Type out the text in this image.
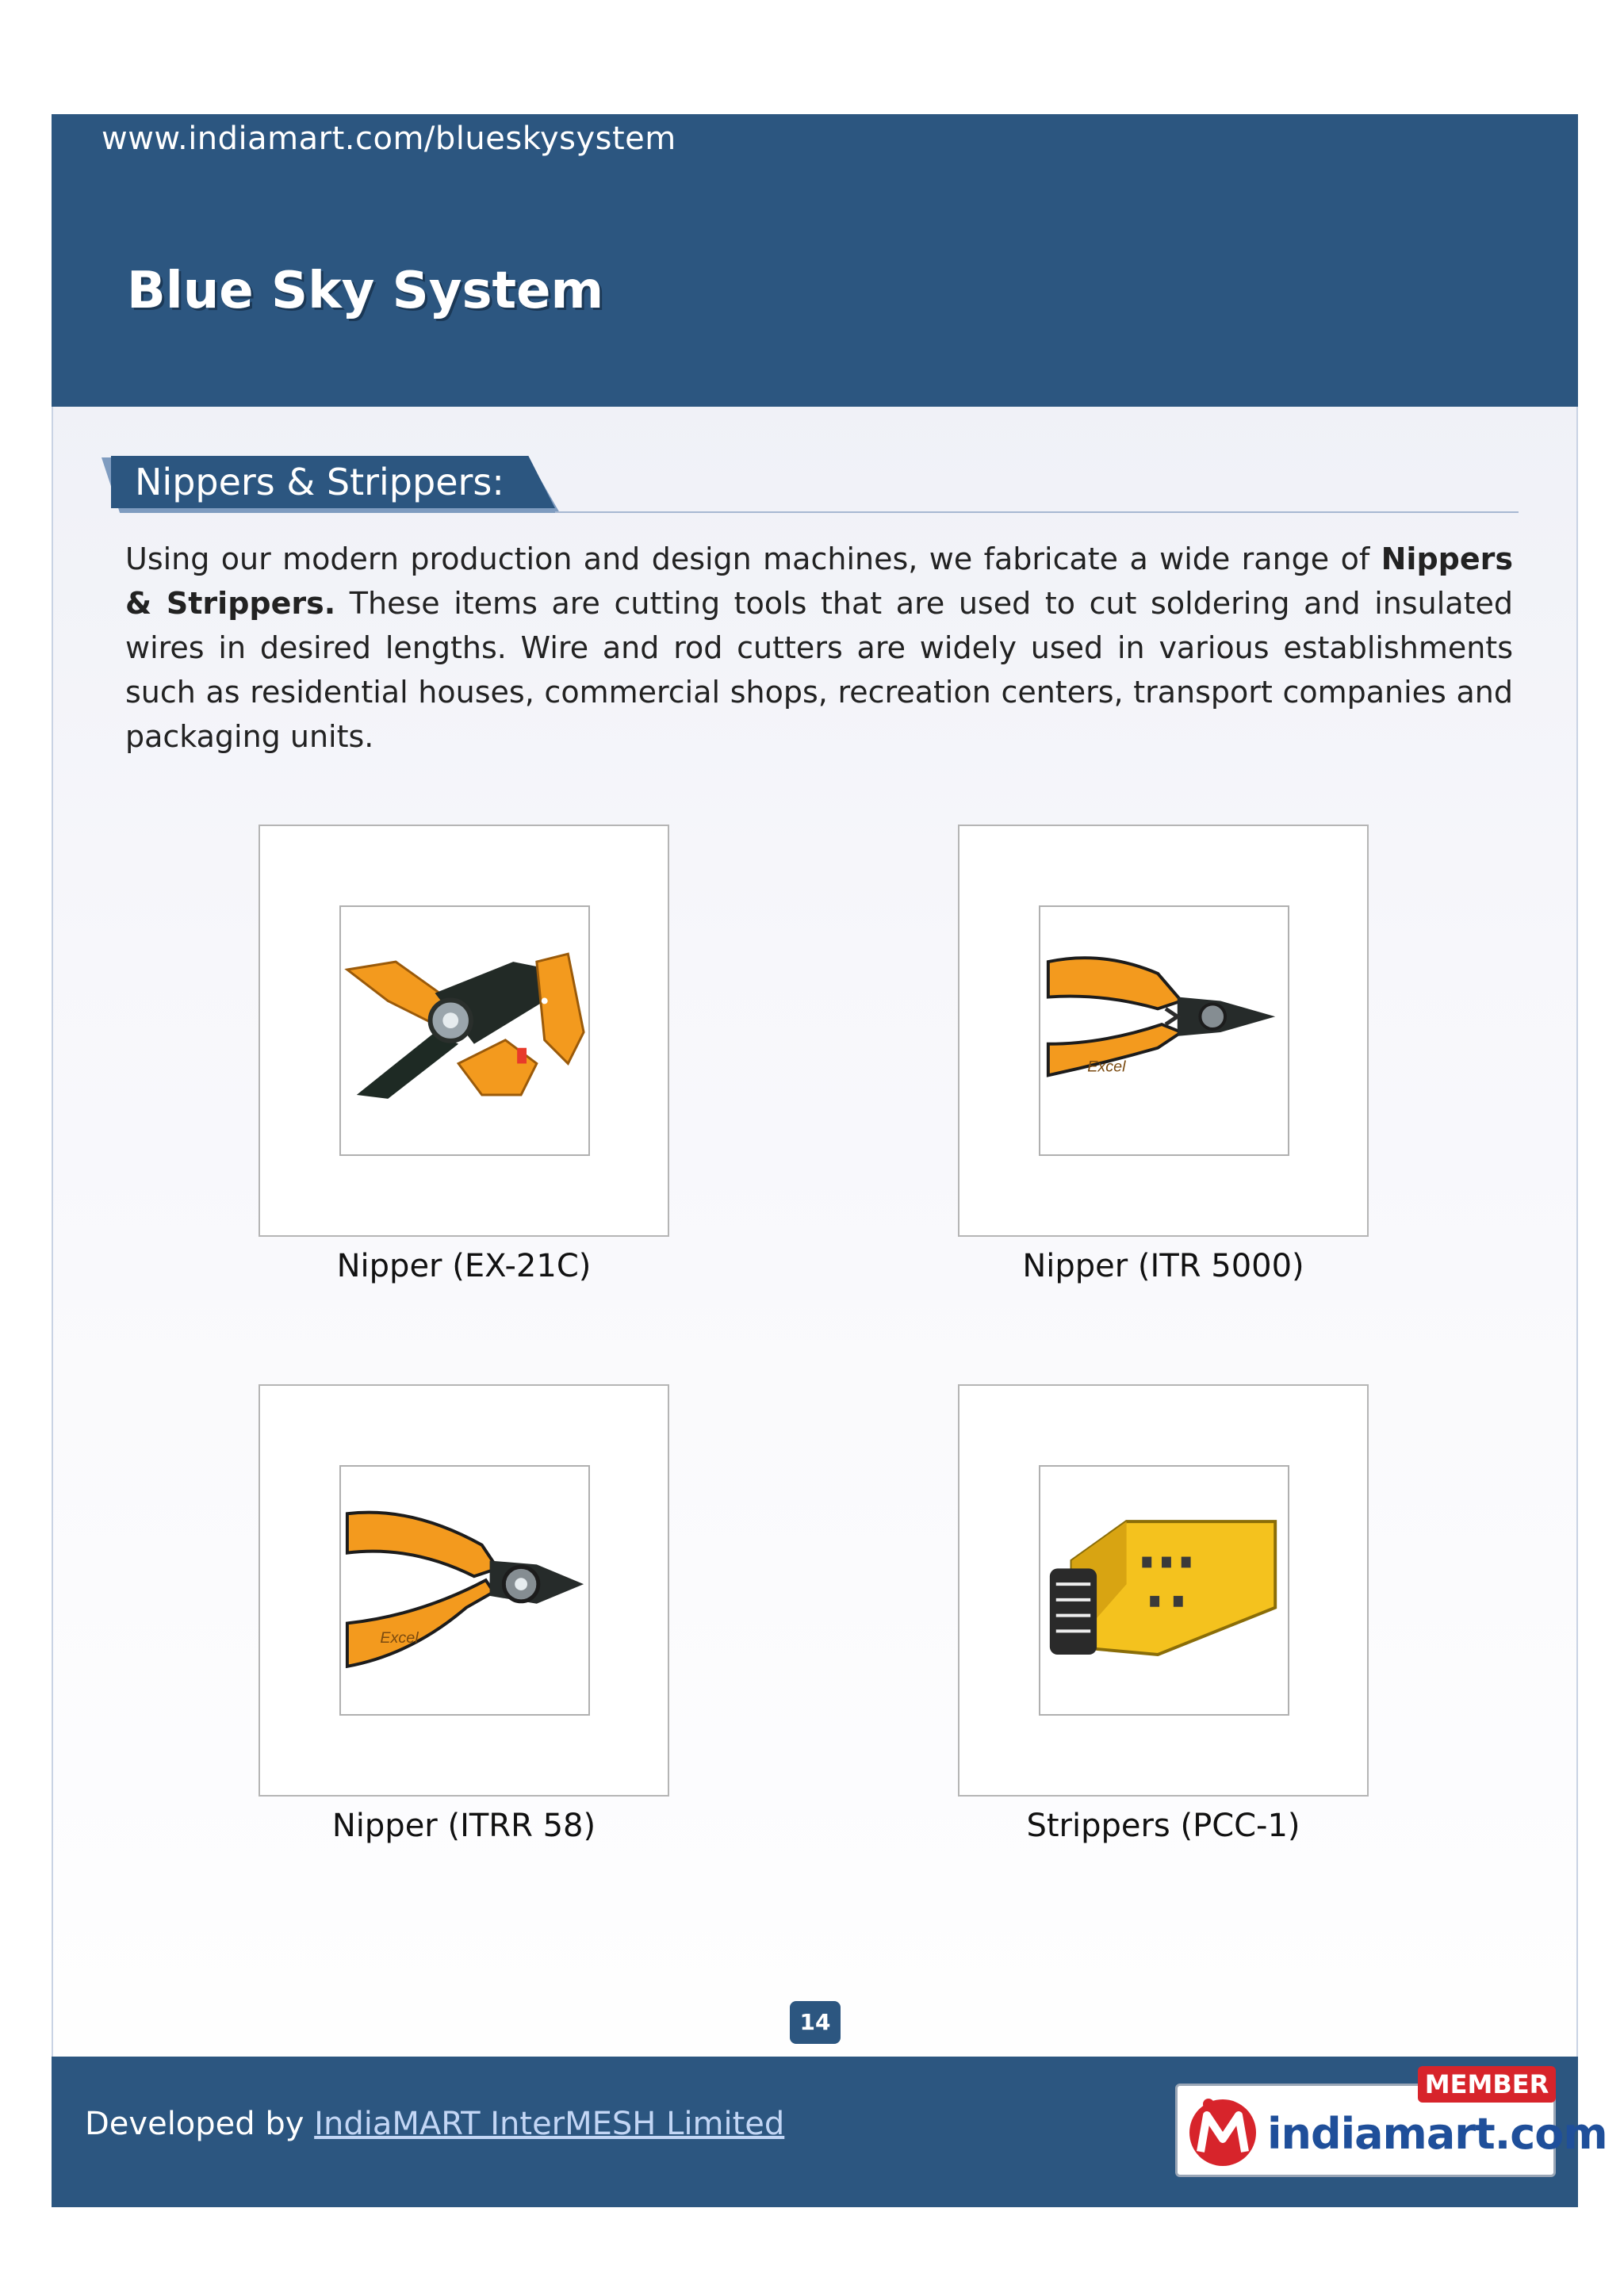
www.indiamart.com/blueskysystem
Blue Sky System
Nippers & Strippers:

Using our modern production and design machines, we fabricate a wide range of Nippers & Strippers. These items are cutting tools that are used to cut soldering and insulated wires in desired lengths. Wire and rod cutters are widely used in various establishments such as residential houses, commercial shops, recreation centers, transport companies and packaging units.

Nipper (EX-21C)
Excel
Nipper (ITR 5000)
Excel
Nipper (ITRR 58)	Strippers (PCC-1)
14
Developed by IndiaMART InterMESH Limited	indiamart.com
MEMBER
